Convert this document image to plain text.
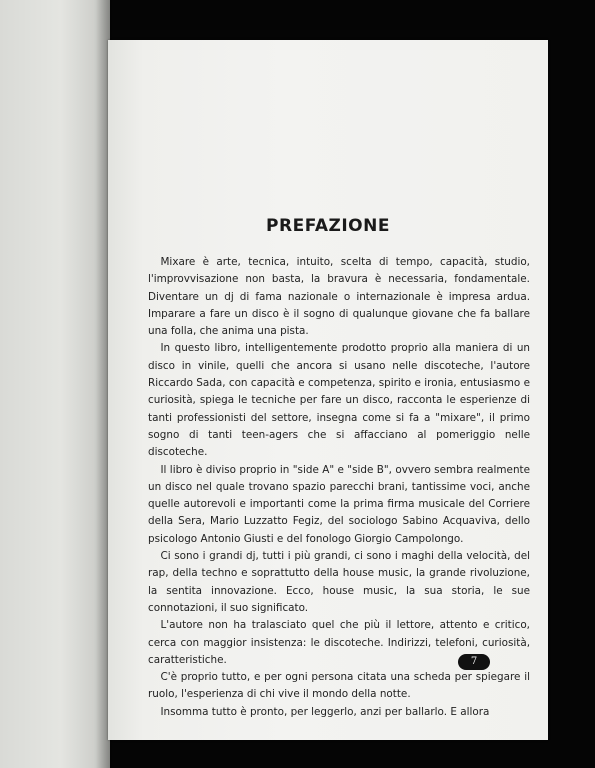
PREFAZIONE

Mixare è arte, tecnica, intuito, scelta di tempo, capacità, studio, l'improvvisazione non basta, la bravura è necessaria, fondamentale. Diventare un dj di fama nazionale o internazionale è impresa ardua. Imparare a fare un disco è il sogno di qualunque giovane che fa ballare una folla, che anima una pista.

In questo libro, intelligentemente prodotto proprio alla maniera di un disco in vinile, quelli che ancora si usano nelle discoteche, l'autore Riccardo Sada, con capacità e competenza, spirito e ironia, entusiasmo e curiosità, spiega le tecniche per fare un disco, racconta le esperienze di tanti professionisti del settore, insegna come si fa a "mixare", il primo sogno di tanti teen-agers che si affacciano al pomeriggio nelle discoteche.

Il libro è diviso proprio in "side A" e "side B", ovvero sembra realmente un disco nel quale trovano spazio parecchi brani, tantissime voci, anche quelle autorevoli e importanti come la prima firma musicale del Corriere della Sera, Mario Luzzatto Fegiz, del sociologo Sabino Acquaviva, dello psicologo Antonio Giusti e del fonologo Giorgio Campolongo.

Ci sono i grandi dj, tutti i più grandi, ci sono i maghi della velocità, del rap, della techno e soprattutto della house music, la grande rivoluzione, la sentita innovazione. Ecco, house music, la sua storia, le sue connotazioni, il suo significato.

L'autore non ha tralasciato quel che più il lettore, attento e critico, cerca con maggior insistenza: le discoteche. Indirizzi, telefoni, curiosità, caratteristiche.

C'è proprio tutto, e per ogni persona citata una scheda per spiegare il ruolo, l'esperienza di chi vive il mondo della notte.

Insomma tutto è pronto, per leggerlo, anzi per ballarlo. E allora

7
